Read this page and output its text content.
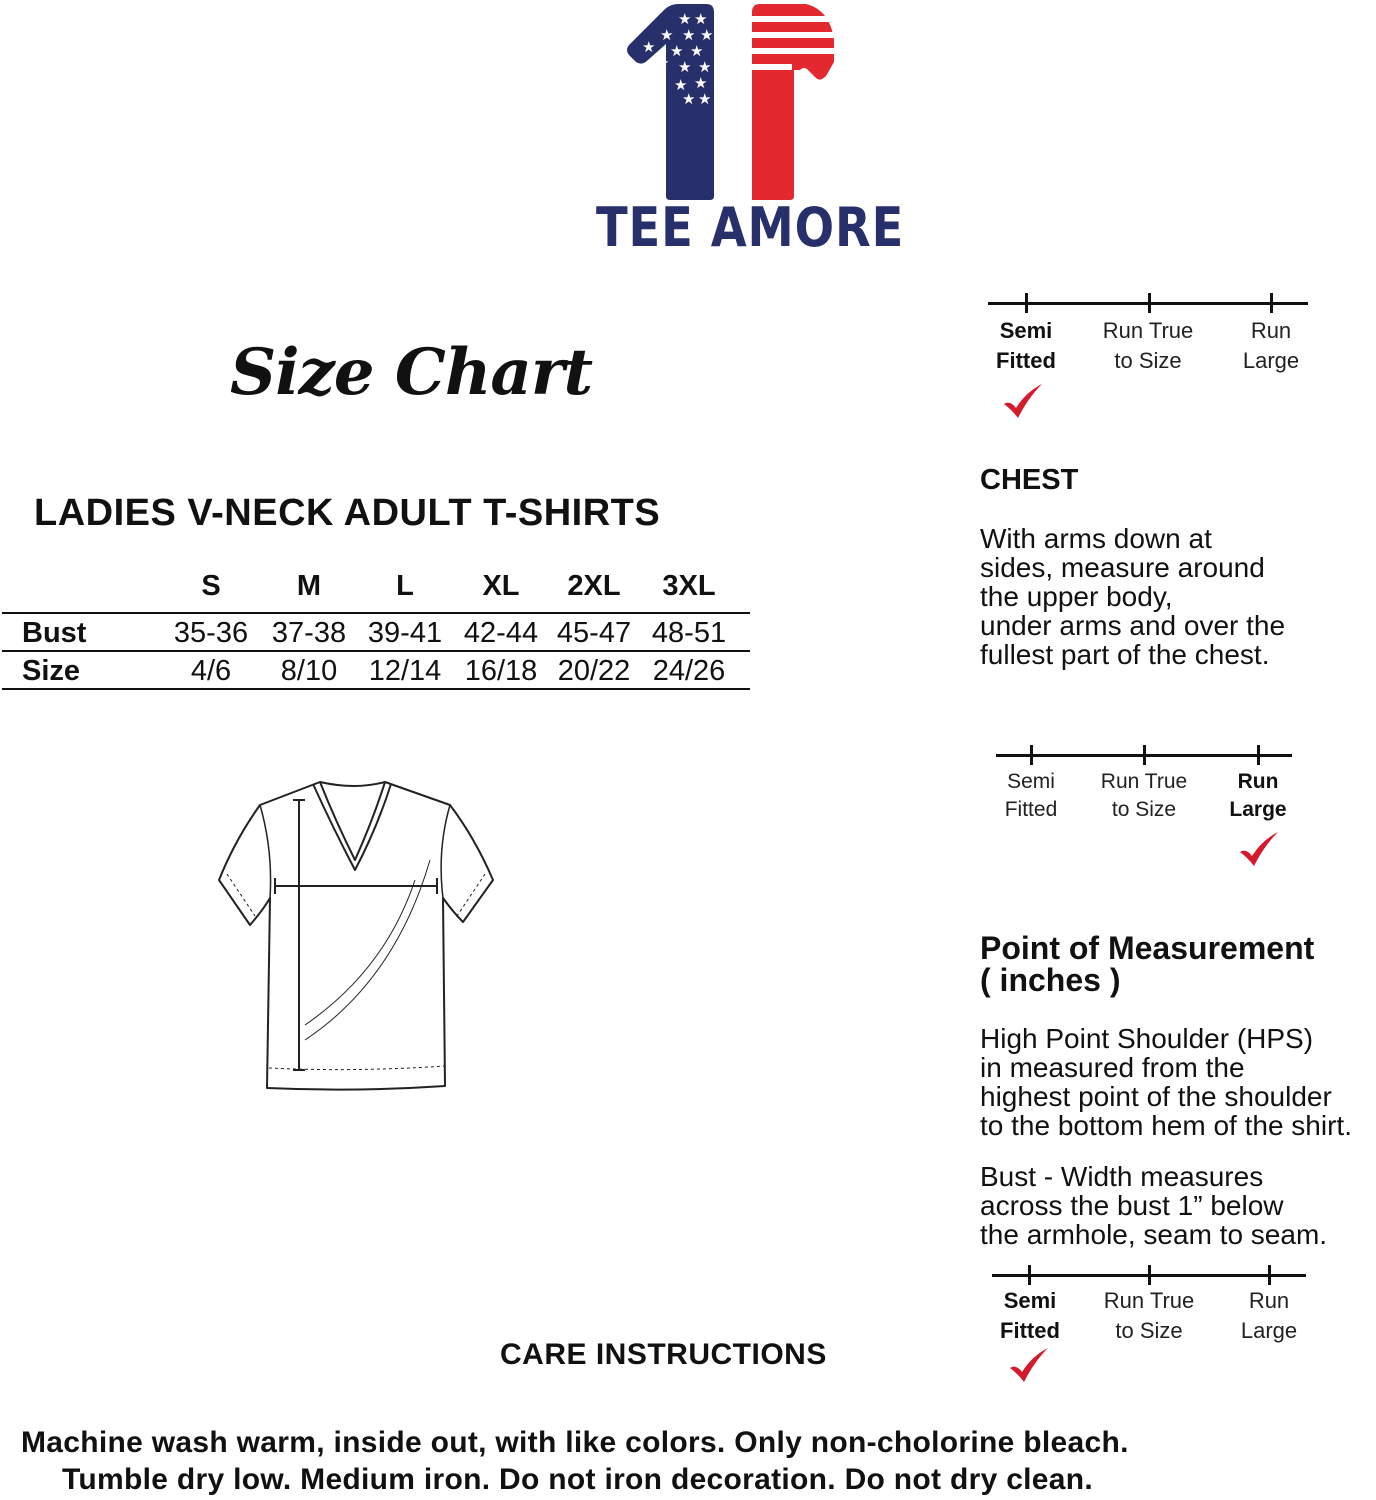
★ ★
★ ★ ★
★ ★ ★
★ ★ ★
★ ★
★ ★
TEE AMORE
Size Chart
LADIES V-NECK ADULT T-SHIRTS
S	M	L	XL	2XL	3XL
Bust	35-36 37-38 39-41 42-44 45-47 48-51
Size	4/6	8/10	12/14 16/18 20/22 24/26
Semi
Fitted
Run True
to Size
Run
Large
CHEST
With arms down at
sides, measure around
the upper body,
under arms and over the
fullest part of the chest.
Semi
Fitted
Run True
to Size
Run
Large
Point of Measurement
( inches )
High Point Shoulder (HPS)
in measured from the
highest point of the shoulder
to the bottom hem of the shirt.
Bust - Width measures
across the bust 1” below
the armhole, seam to seam.
Semi
Fitted
Run True
to Size
Run
Large
CARE INSTRUCTIONS
Machine wash warm, inside out, with like colors. Only non-cholorine bleach.
Tumble dry low. Medium iron. Do not iron decoration. Do not dry clean.
